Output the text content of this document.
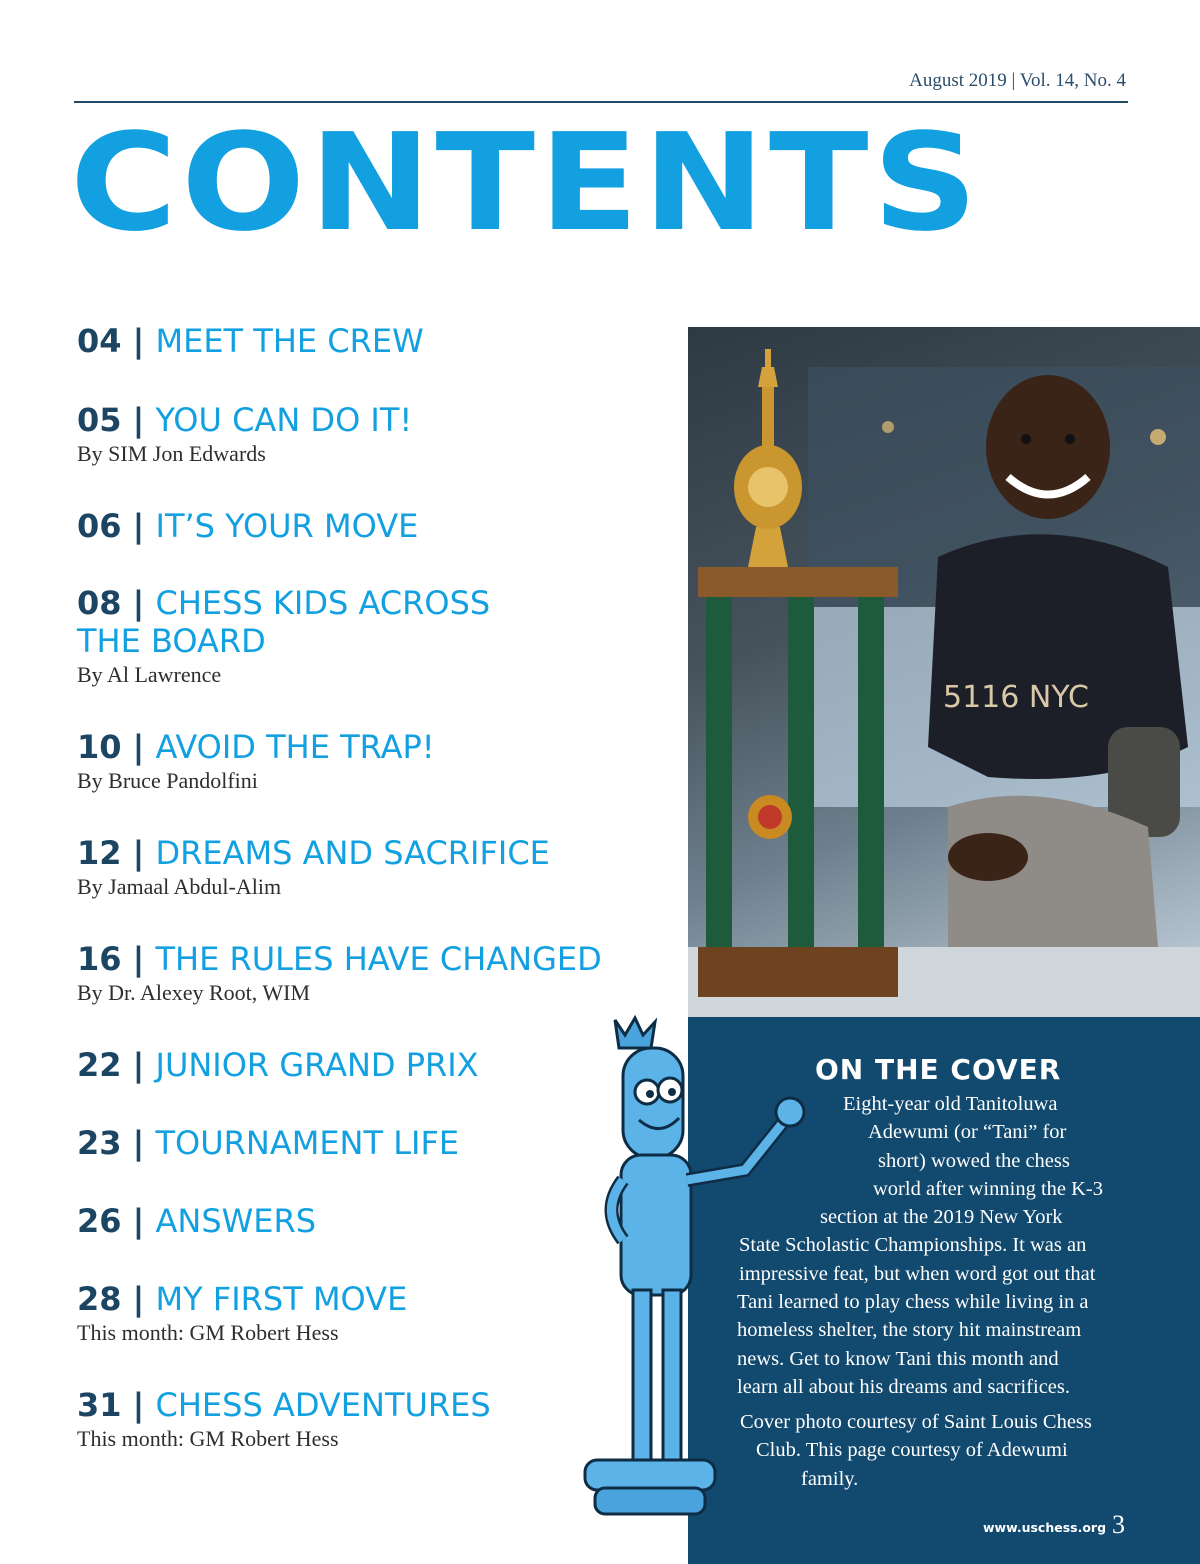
August 2019 | Vol. 14, No. 4
CONTENTS
04 | MEET THE CREW
05 | YOU CAN DO IT!
By SIM Jon Edwards
06 | IT’S YOUR MOVE
08 | CHESS KIDS ACROSS
THE BOARD
By Al Lawrence
10 | AVOID THE TRAP!
By Bruce Pandolfini
12 | DREAMS AND SACRIFICE
By Jamaal Abdul-Alim
16 | THE RULES HAVE CHANGED
By Dr. Alexey Root, WIM
22 | JUNIOR GRAND PRIX
23 | TOURNAMENT LIFE
26 | ANSWERS
28 | MY FIRST MOVE
This month: GM Robert Hess
31 | CHESS ADVENTURES
This month: GM Robert Hess
5116 NYC
ON THE COVER
Eight-year old Tanitoluwa
Adewumi (or “Tani” for
short) wowed the chess
world after winning the K-3
section at the 2019 New York
State Scholastic Championships. It was an
impressive feat, but when word got out that
Tani learned to play chess while living in a
homeless shelter, the story hit mainstream
news. Get to know Tani this month and
learn all about his dreams and sacrifices.
Cover photo courtesy of Saint Louis Chess
Club. This page courtesy of Adewumi
family.
www.uschess.org 3
